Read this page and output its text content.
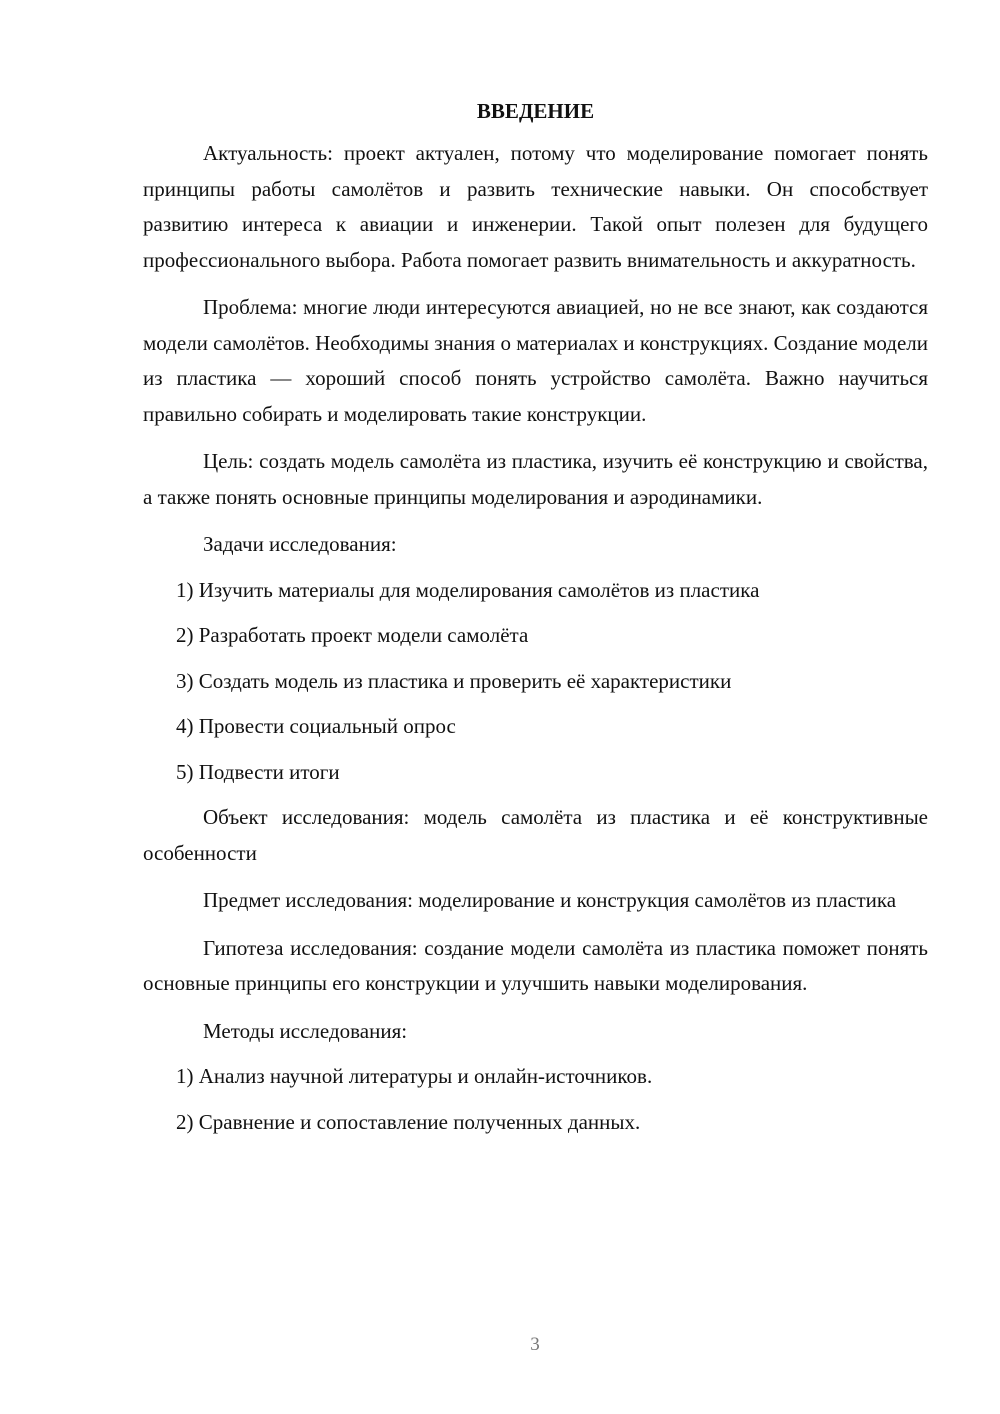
ВВЕДЕНИЕ

Актуальность: проект актуален, потому что моделирование помогает понять принципы работы самолётов и развить технические навыки. Он способствует развитию интереса к авиации и инженерии. Такой опыт полезен для будущего профессионального выбора. Работа помогает развить внимательность и аккуратность.

Проблема: многие люди интересуются авиацией, но не все знают, как создаются модели самолётов. Необходимы знания о материалах и конструкциях. Создание модели из пластика — хороший способ понять устройство самолёта. Важно научиться правильно собирать и моделировать такие конструкции.

Цель: создать модель самолёта из пластика, изучить её конструкцию и свойства, а также понять основные принципы моделирования и аэродинамики.

Задачи исследования:

1) Изучить материалы для моделирования самолётов из пластика
2) Разработать проект модели самолёта
3) Создать модель из пластика и проверить её характеристики
4) Провести социальный опрос
5) Подвести итоги

Объект исследования: модель самолёта из пластика и её конструктивные особенности

Предмет исследования: моделирование и конструкция самолётов из пластика

Гипотеза исследования: создание модели самолёта из пластика поможет понять основные принципы его конструкции и улучшить навыки моделирования.

Методы исследования:

1) Анализ научной литературы и онлайн-источников.
2) Сравнение и сопоставление полученных данных.
3
